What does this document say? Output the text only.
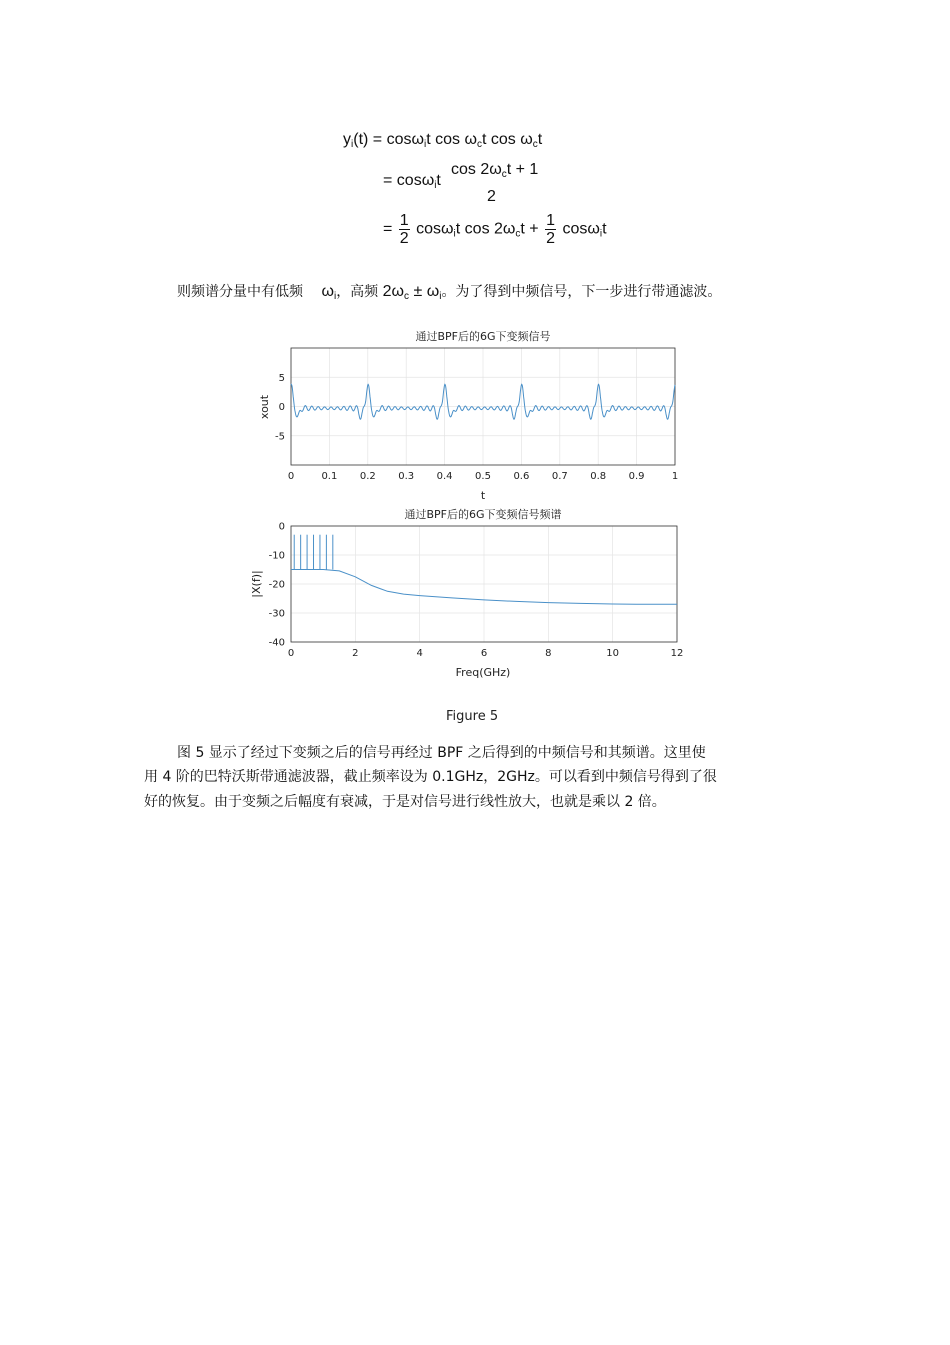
$y_i(t) = \cos\omega_it$ $\cos \omega_ct$ $\cos \omega_ct$
= cosω$_i$t
$\cos 2\omega_ct + 1$
2
= $\frac{1}{2} \cos\omega_it$ $\cos 2\omega_ct + \frac{1}{2} \cos\omega_it$
则频谱分量中有低频 $\omega_i$，高频 $2\omega_c \pm \omega_i$。为了得到中频信号，下一步进行带通滤波。
通过BPF后的6G下变频信号
0	0.1 0.2 0.3 0.4 0.5 0.6 0.7 0.8 0.9	1
5
0
-5
t
xout
通过BPF后的6G下变频信号频谱
0	2	4	6	8	10	12
0
-10
-20
-30
-40
Freq(GHz)
|X(f)|
Figure 5
图 5 显示了经过下变频之后的信号再经过 BPF 之后得到的中频信号和其频谱。这里使
用 4 阶的巴特沃斯带通滤波器，截止频率设为 0.1GHz，2GHz。可以看到中频信号得到了很
好的恢复。由于变频之后幅度有衰减，于是对信号进行线性放大，也就是乘以 2 倍。
